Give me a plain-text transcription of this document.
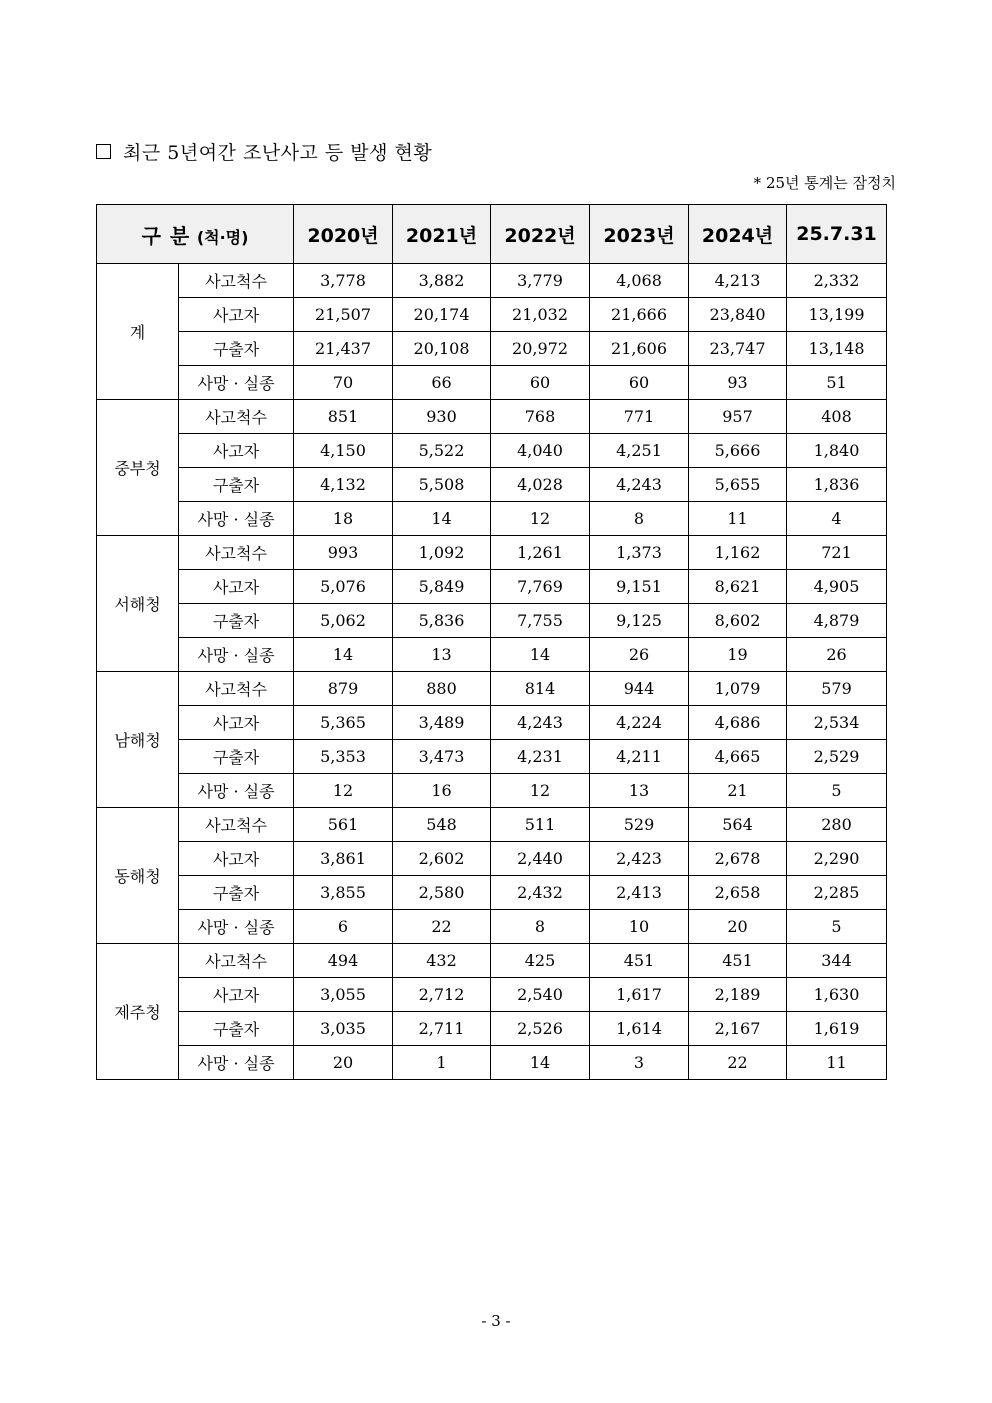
최근 5년여간 조난사고 등 발생 현황
* 25년 통계는 잠정치
구 분 (척·명)		2020년	2021년	2022년	2023년	2024년	25.7.31
계	사고척수	3,778	3,882	3,779	4,068	4,213	2,332
	사고자	21,507	20,174	21,032	21,666	23,840	13,199
	구출자	21,437	20,108	20,972	21,606	23,747	13,148
	사망 · 실종	70	66	60	60	93	51
중부청	사고척수	851	930	768	771	957	408
	사고자	4,150	5,522	4,040	4,251	5,666	1,840
	구출자	4,132	5,508	4,028	4,243	5,655	1,836
	사망 · 실종	18	14	12	8	11	4
서해청	사고척수	993	1,092	1,261	1,373	1,162	721
	사고자	5,076	5,849	7,769	9,151	8,621	4,905
	구출자	5,062	5,836	7,755	9,125	8,602	4,879
	사망 · 실종	14	13	14	26	19	26
남해청	사고척수	879	880	814	944	1,079	579
	사고자	5,365	3,489	4,243	4,224	4,686	2,534
	구출자	5,353	3,473	4,231	4,211	4,665	2,529
	사망 · 실종	12	16	12	13	21	5
동해청	사고척수	561	548	511	529	564	280
	사고자	3,861	2,602	2,440	2,423	2,678	2,290
	구출자	3,855	2,580	2,432	2,413	2,658	2,285
	사망 · 실종	6	22	8	10	20	5
제주청	사고척수	494	432	425	451	451	344
	사고자	3,055	2,712	2,540	1,617	2,189	1,630
	구출자	3,035	2,711	2,526	1,614	2,167	1,619
	사망 · 실종	20	1	14	3	22	11
- 3 -
